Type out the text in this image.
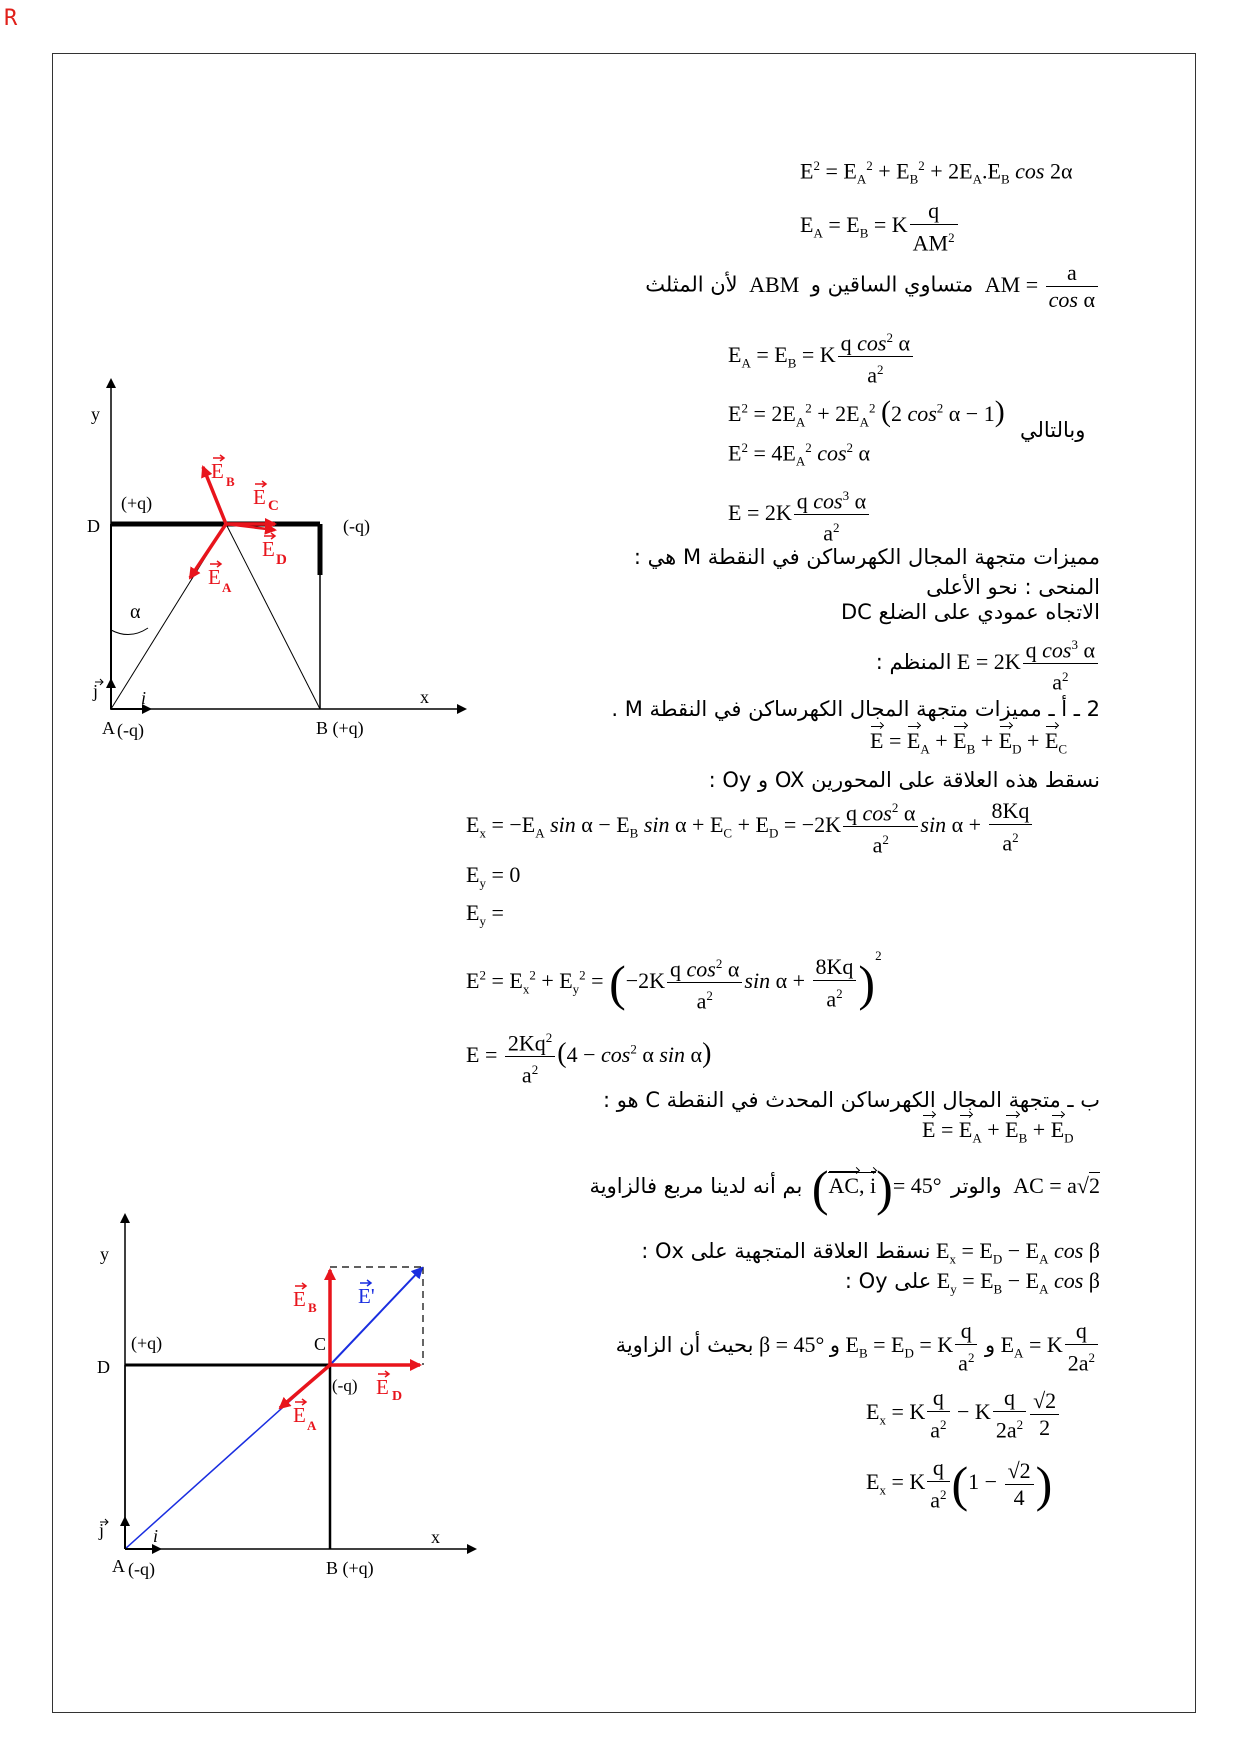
R
y
x
D
A (-q)
(+q)
(-q)
B (+q)
α
i
j
E B
E C
E D
E A
y
x
D
A (-q)
(+q)	C
(-q)
B (+q)
i
j
E B
E D
E A
E'
$E^2 = E_A^2 + E_B^2 + 2E_A.E_B$ cos 2α
$E_A = E_B = K \frac{q}{AM^2}$
لأن المثلث ABM متساوي الساقين و AM = $\frac{a}{\text{cos α}}$
$E_A = E_B = K \frac{q \cos^2 \alpha}{a^2}$
$E^2 = 2E_A^2 + 2E_A^2$ (2 $\cos^2 \alpha - 1$)
وبالتالي
$E^2 = 4E_A^2$ $\cos^2 \alpha$
$E = 2K \frac{q \cos^3 \alpha}{a^2}$
مميزات متجهة المجال الكهرساكن في النقطة M هي :
المنحى : نحو الأعلى
الاتجاه عمودي على الضلع DC
المنظم : $E = 2K \frac{q \cos^3 \alpha}{a^2}$
2 ـ أ ـ مميزات متجهة المجال الكهرساكن في النقطة M .
$E = E_A + E_B + E_D + E_C$
نسقط هذه العلاقة على المحورين OX و Oy :
$E_x = -E_A$ $\sin \alpha - E_B$ $\sin \alpha + E_C + E_D = -2K \frac{q \cos^2 \alpha}{a^2}$ $\sin \alpha + \frac{8Kq}{a^2}$
$E_y = 0$
$E_y$ =
$E^2 = E_x^2 + E_y^2 = (-2K \frac{q \cos^2 \alpha}{a^2}$ $\sin \alpha + \frac{8Kq}{a^2} )^2$
$E = \frac{2Kq^2}{a^2} (4 - \cos^2 \alpha$ sin α)
ب ـ متجهة المجال الكهرساكن المحدث في النقطة C هو :
$E = E_A + E_B + E_D$
بم أنه لدينا مربع فالزاوية (AC, i)= 45° والوتر AC = a√2
نسقط العلاقة المتجهية على Ox : $E_x = E_D - E_A$ cos β
على Oy : $E_y = E_B - E_A$ cos β
بحيث أن الزاوية β = 45° و $E_B = E_D = K \frac{q}{a^2}$ و $E_A = K \frac{q}{2a^2}$
$E_x = K \frac{q}{a^2} - K \frac{q}{2a^2} \frac{√2}{2}$
$E_x = K \frac{q}{a^2} (1 - \frac{√2}{4}$ )
